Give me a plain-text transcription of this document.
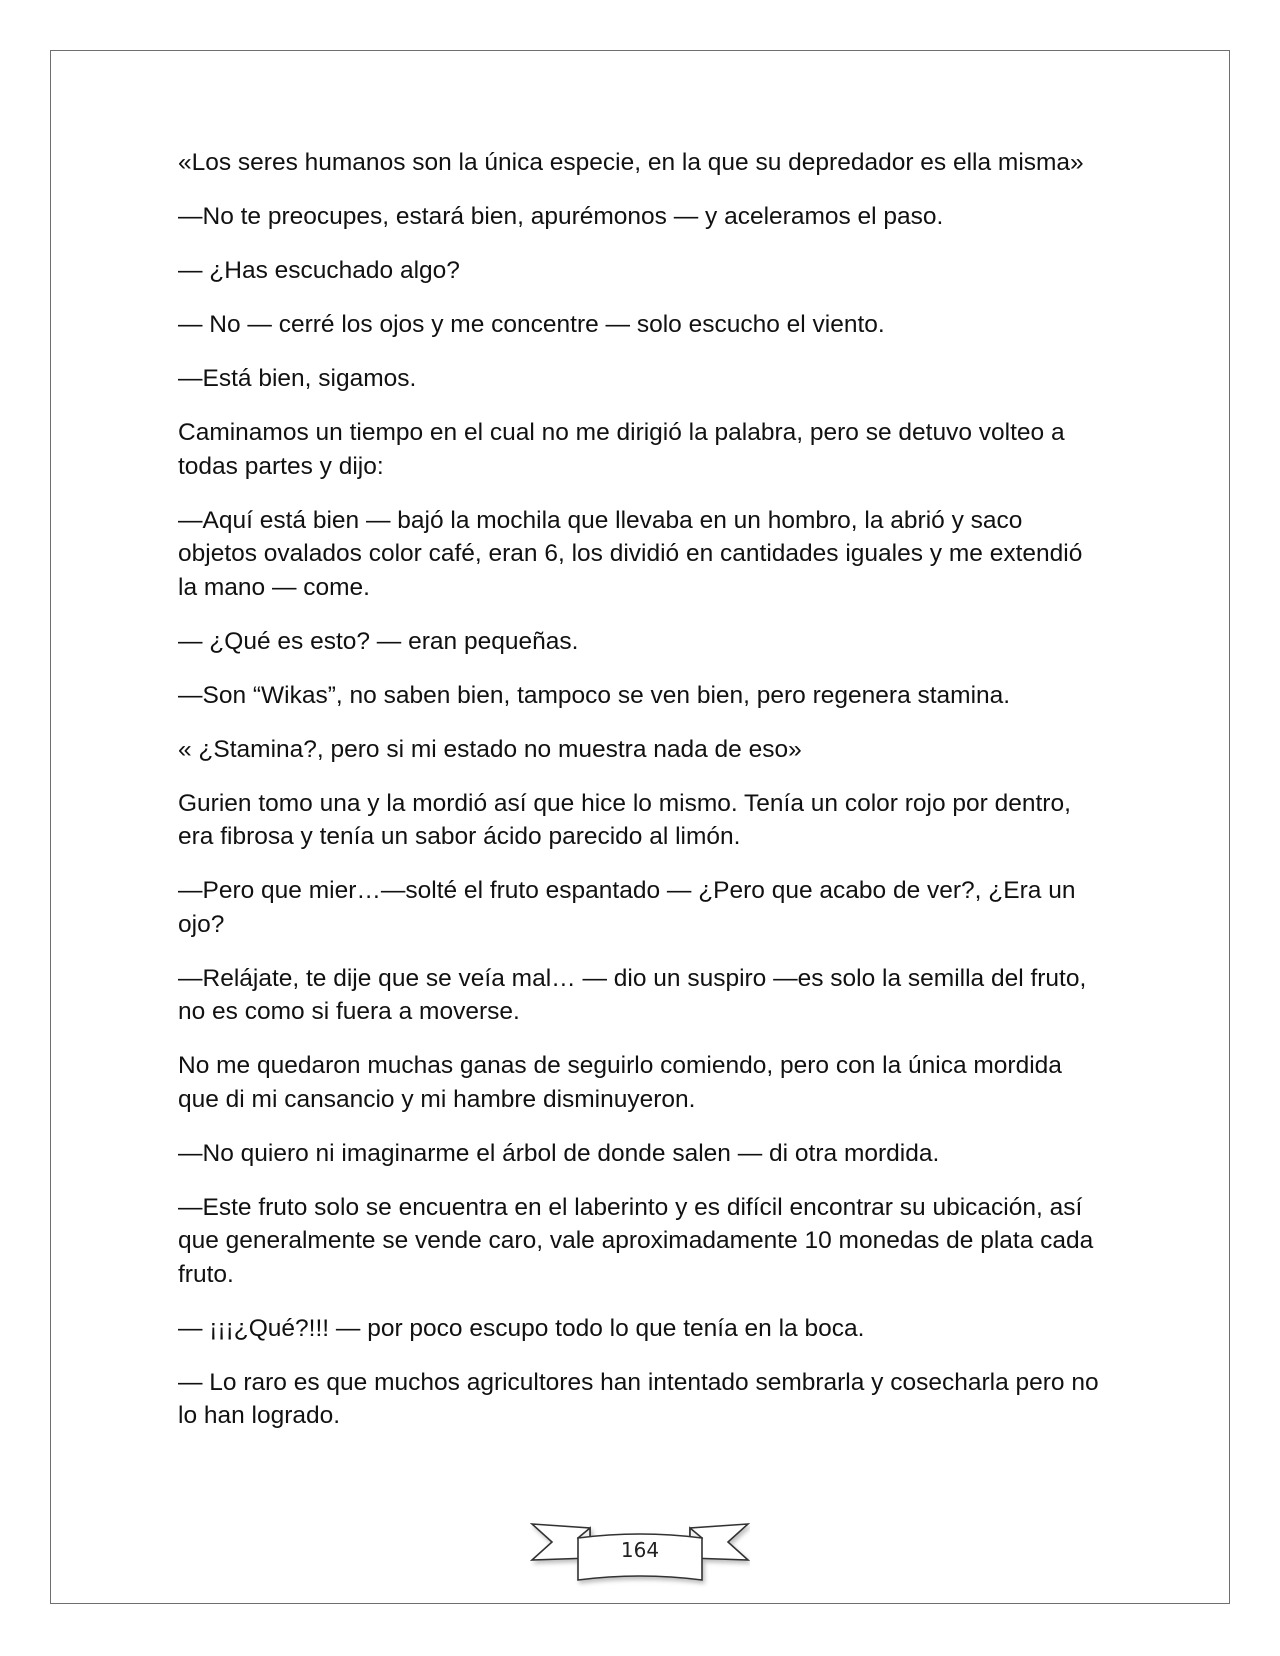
«Los seres humanos son la única especie, en la que su depredador es ella misma»

—No te preocupes, estará bien, apurémonos — y aceleramos el paso.

— ¿Has escuchado algo?

— No — cerré los ojos y me concentre — solo escucho el viento.

—Está bien, sigamos.

Caminamos un tiempo en el cual no me dirigió la palabra, pero se detuvo volteo a todas partes y dijo:

—Aquí está bien — bajó la mochila que llevaba en un hombro, la abrió y saco objetos ovalados color café, eran 6, los dividió en cantidades iguales y me extendió la mano — come.

— ¿Qué es esto? — eran pequeñas.

—Son “Wikas”, no saben bien, tampoco se ven bien, pero regenera stamina.

« ¿Stamina?, pero si mi estado no muestra nada de eso»

Gurien tomo una y la mordió así que hice lo mismo. Tenía un color rojo por dentro, era fibrosa y tenía un sabor ácido parecido al limón.

—Pero que mier…—solté el fruto espantado — ¿Pero que acabo de ver?, ¿Era un ojo?

—Relájate, te dije que se veía mal… — dio un suspiro —es solo la semilla del fruto, no es como si fuera a moverse.

No me quedaron muchas ganas de seguirlo comiendo, pero con la única mordida que di mi cansancio y mi hambre disminuyeron.

—No quiero ni imaginarme el árbol de donde salen — di otra mordida.

—Este fruto solo se encuentra en el laberinto y es difícil encontrar su ubicación, así que generalmente se vende caro, vale aproximadamente 10 monedas de plata cada fruto.

— ¡¡¡¿Qué?!!! — por poco escupo todo lo que tenía en la boca.

— Lo raro es que muchos agricultores han intentado sembrarla y cosecharla pero no lo han logrado.

164
